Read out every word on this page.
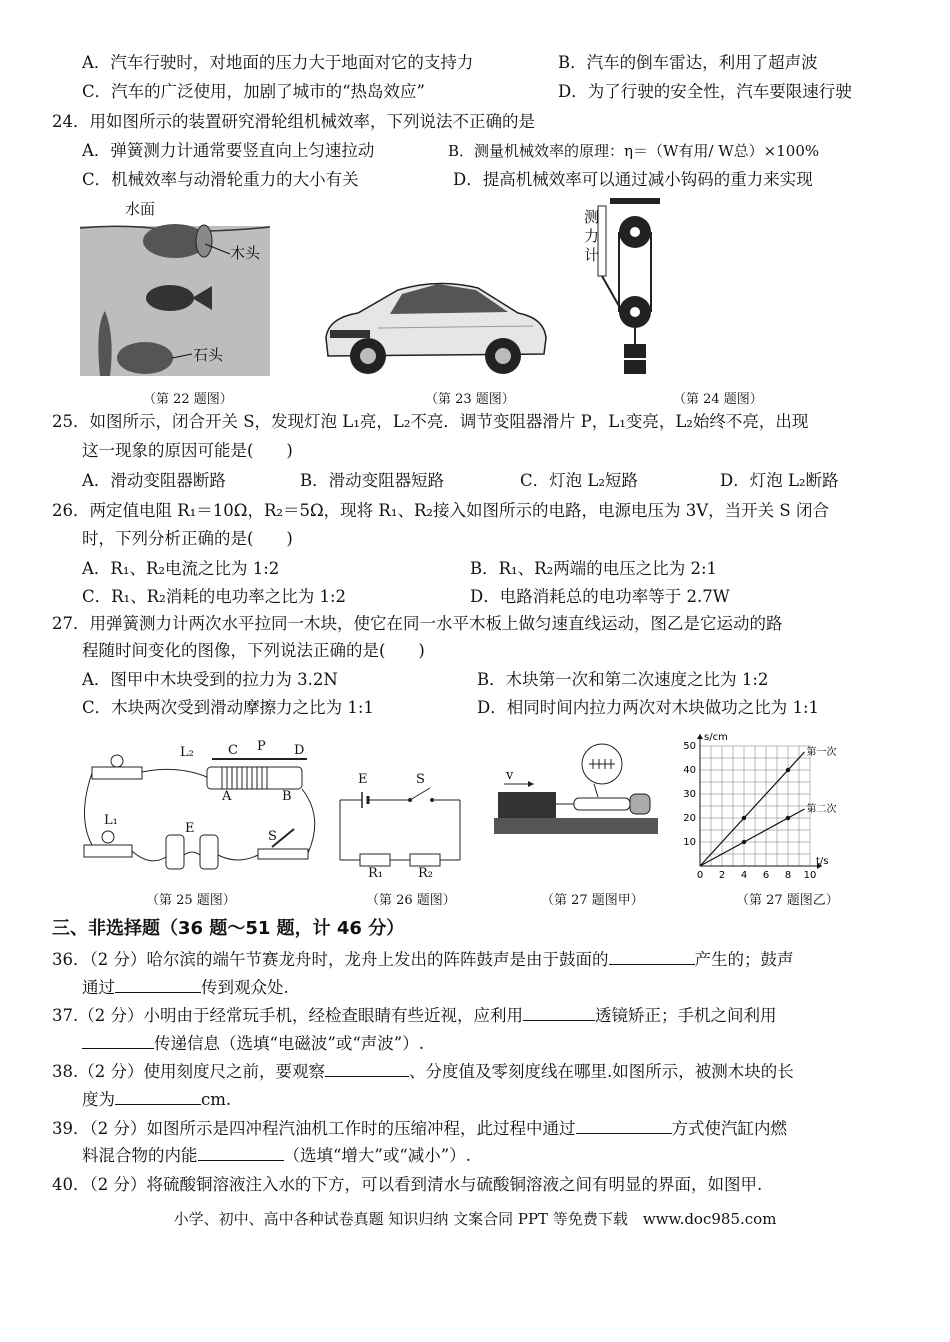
A．汽车行驶时，对地面的压力大于地面对它的支持力	B．汽车的倒车雷达，利用了超声波
C．汽车的广泛使用，加剧了城市的“热岛效应”	D．为了行驶的安全性，汽车要限速行驶
24．用如图所示的装置研究滑轮组机械效率，下列说法不正确的是
A．弹簧测力计通常要竖直向上匀速拉动	B．测量机械效率的原理：η＝（W有用/ W总）×100%
C．机械效率与动滑轮重力的大小有关	D．提高机械效率可以通过减小钩码的重力来实现
水面
木头
石头
（第 22 题图）	（第 23 题图）
测力计
（第 24 题图）
25．如图所示，闭合开关 S，发现灯泡 L₁亮，L₂不亮．调节变阻器滑片 P，L₁变亮，L₂始终不亮，出现
这一现象的原因可能是(　　)
A．滑动变阻器断路	B．滑动变阻器短路	C．灯泡 L₂短路	D．灯泡 L₂断路
26．两定值电阻 R₁＝10Ω，R₂＝5Ω，现将 R₁、R₂接入如图所示的电路，电源电压为 3V，当开关 S 闭合
时，下列分析正确的是(　　)
A．R₁、R₂电流之比为 1:2	B．R₁、R₂两端的电压之比为 2:1
C．R₁、R₂消耗的电功率之比为 1:2	D．电路消耗总的电功率等于 2.7W
27．用弹簧测力计两次水平拉同一木块，使它在同一水平木板上做匀速直线运动，图乙是它运动的路
程随时间变化的图像，下列说法正确的是(　　)
A．图甲中木块受到的拉力为 3.2N	B．木块第一次和第二次速度之比为 1:2
C．木块两次受到滑动摩擦力之比为 1:1	D．相同时间内拉力两次对木块做功之比为 1:1
L₂	C P D
A	B
L₁
E
S
（第 25 题图）
E	S
R₁	R₂
（第 26 题图）
v
（第 27 题图甲）
0 2 4 6 8 10
10
20
30
40
50
t/s
s/cm
第一次
第二次
（第 27 题图乙）
三、非选择题（36 题～51 题，计 46 分）
36．（2 分）哈尔滨的端午节赛龙舟时，龙舟上发出的阵阵鼓声是由于鼓面的	产生的；鼓声
通过	传到观众处.
37.（2 分）小明由于经常玩手机，经检查眼睛有些近视，应利用	透镜矫正；手机之间利用
传递信息（选填“电磁波”或“声波”）.
38.（2 分）使用刻度尺之前，要观察	、分度值及零刻度线在哪里.如图所示，被测木块的长
度为	cm.
39．（2 分）如图所示是四冲程汽油机工作时的压缩冲程，此过程中通过	方式使汽缸内燃
料混合物的内能	（选填“增大”或“减小”）.
40．（2 分）将硫酸铜溶液注入水的下方，可以看到清水与硫酸铜溶液之间有明显的界面，如图甲.
小学、初中、高中各种试卷真题 知识归纳 文案合同 PPT 等免费下载　www.doc985.com
